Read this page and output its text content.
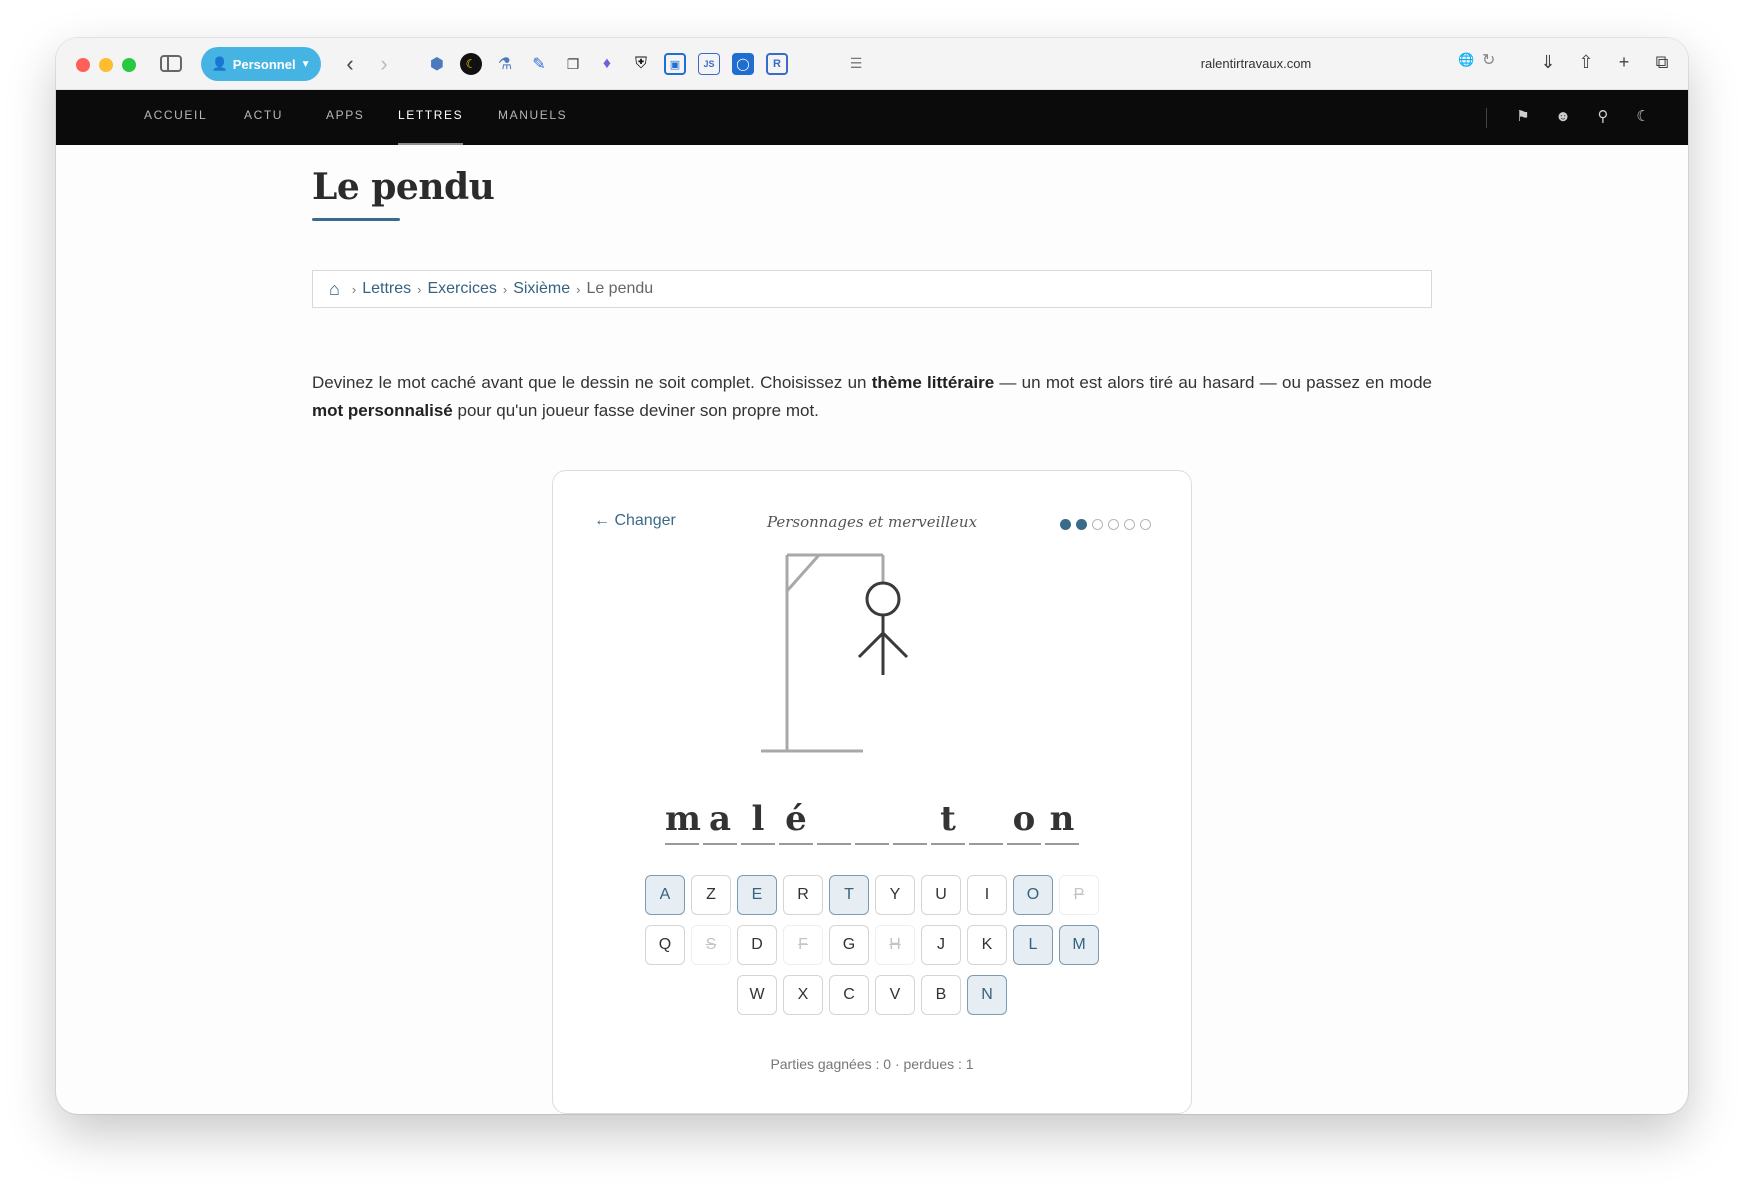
👤 Personnel ▼	‹	›	⬢	☾	⚗ ✎	❐	♦	⛨	▣	JS	◯	R	☰	ralentirtravaux.com	🌐 ↻	⇓ ⇧	+	⧉
ACCUEIL	ACTU	APPS	LETTRES	MANUELS	⚑ ☻	⚲	☾
Le pendu
⌂ › Lettres › Exercices › Sixième › Le pendu

Devinez le mot caché avant que le dessin ne soit complet. Choisissez un thème littéraire — un mot est alors tiré au hasard — ou passez en mode mot personnalisé pour qu'un joueur fasse deviner son propre mot.

← Changer	Personnages et merveilleux
m a l é	t o n
A	Z	E	R	T	Y	U	I	O	P
Q	S	D	F	G	H	J	K	L	M
W	X	C	V	B	N
Parties gagnées : 0 · perdues : 1
